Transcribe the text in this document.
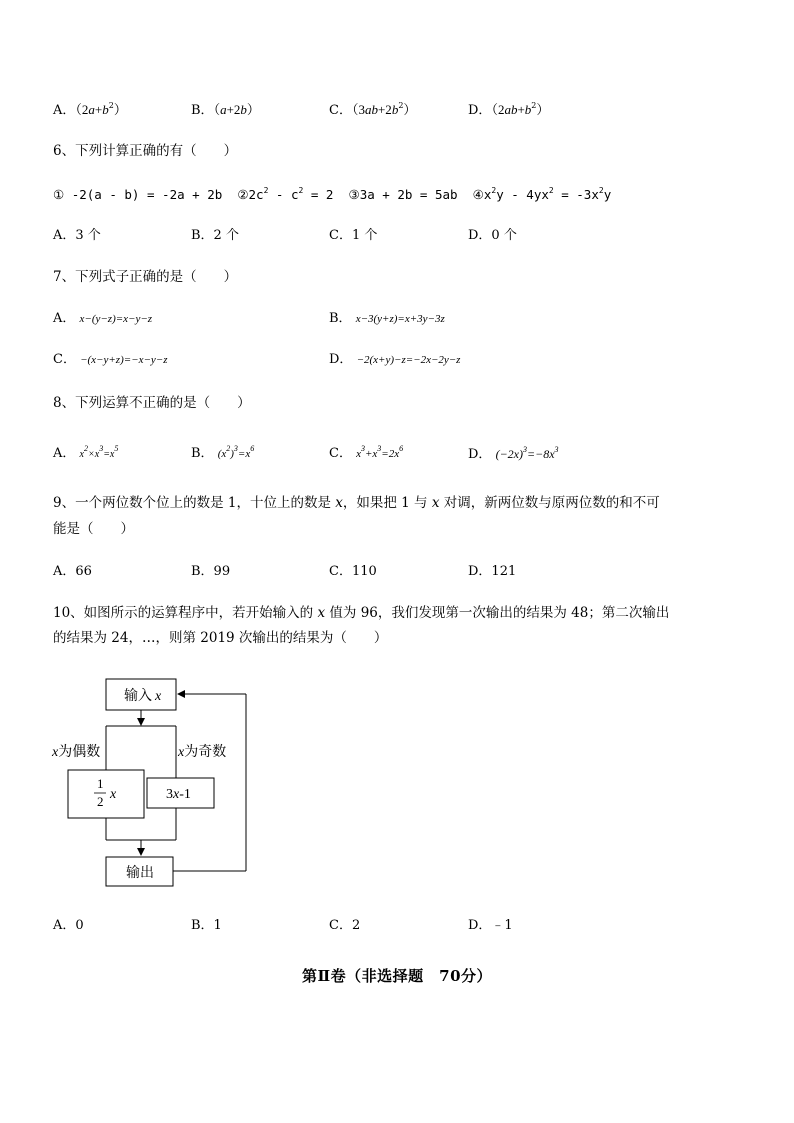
A．$(2a+b^2)$	B．（a+2b）	C．$(3ab+2b^2)$	D．$(2ab+b^2)$
6、下列计算正确的有（　　）
① -2(a - b) = -2a + 2b $②2c^2 - c^2 = 2$ ③3a + 2b = 5ab $④x^2y - 4yx^2 = -3x^2y$
A．3 个	B．2 个	C．1 个	D．0 个
7、下列式子正确的是（　　）
A． x−(y−z)=x−y−z	B． x−3(y+z)=x+3y−3z
C． −(x−y+z)=−x−y−z	D． −2(x+y)−z=−2x−2y−z
8、下列运算不正确的是（　　）
A． $x^2\times x^3=x^5$	B． $(x^2)^3=x^6$	C． $x^3+x^3=2x^6$	D． $(-2x)^3=-8x^3$
9、一个两位数个位上的数是 1，十位上的数是 x，如果把 1 与 x 对调，新两位数与原两位数的和不可
能是（　　）
A．66	B．99	C．110	D．121
10、如图所示的运算程序中，若开始输入的 x 值为 96，我们发现第一次输出的结果为 48；第二次输出
的结果为 24，…，则第 2019 次输出的结果为（　　）
输入 x
x为偶数	x为奇数
1
2 x	3x-1
输出
A．0	B．1	C．2	D．﹣1
第Ⅱ卷（非选择题　70分）
